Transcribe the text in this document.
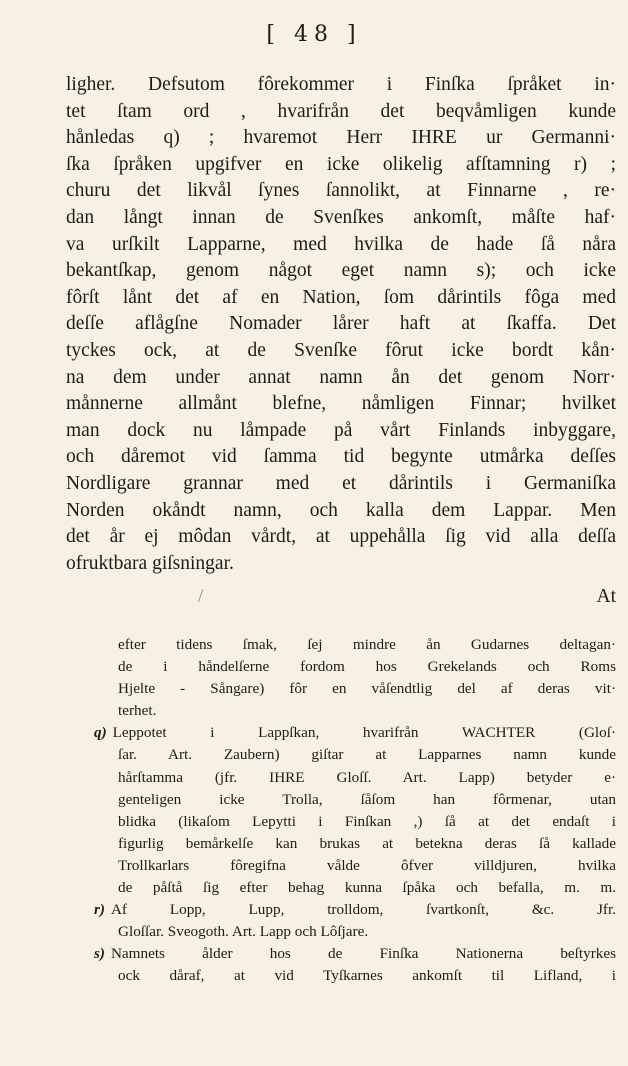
[ 48 ]
ligher. Defsutom fôrekommer i Finſka ſpråket in·
tet ſtam ord , hvarifrån det beqvåmligen kunde
hånledas q) ; hvaremot Herr IHRE ur Germanni·
ſka ſpråken upgifver en icke olikelig afſtamning r) ;
churu det likvål ſynes ſannolikt, at Finnarne , re·
dan långt innan de Svenſkes ankomſt, måſte haf·
va urſkilt Lapparne, med hvilka de hade ſå nåra
bekantſkap, genom något eget namn s); och icke
fôrſt lånt det af en Nation, ſom dårintils fôga med
deſſe aflågſne Nomader lårer haft at ſkaffa. Det
tyckes ock, at de Svenſke fôrut icke bordt kån·
na dem under annat namn ån det genom Norr·
månnerne allmånt blefne, nåmligen Finnar; hvilket
man dock nu låmpade på vårt Finlands inbyggare,
och dåremot vid ſamma tid begynte utmårka deſſes
Nordligare grannar med et dårintils i Germaniſka
Norden okåndt namn, och kalla dem Lappar. Men
det år ej môdan vårdt, at uppehålla ſig vid alla deſſa
ofruktbara giſsningar.
/	At
efter tidens ſmak, ſej mindre ån Gudarnes deltagan·
de i håndelſerne fordom hos Grekelands och Roms
Hjelte - Sångare) fôr en våſendtlig del af deras vit·
terhet.
q) Leppotet i Lappſkan, hvarifrån WACHTER (Gloſ·
ſar. Art. Zaubern) giſtar at Lapparnes namn kunde
hårſtamma (jfr. IHRE Gloſſ. Art. Lapp) betyder e·
genteligen icke Trolla, ſåſom han fôrmenar, utan
blidka (likaſom Lepytti i Finſkan ,) ſå at det endaſt i
figurlig bemårkelſe kan brukas at betekna deras ſå kallade
Trollkarlars fôregifna vålde ôfver villdjuren, hvilka
de påſtå ſig efter behag kunna ſpåka och befalla, m. m.
r) Af Lopp, Lupp, trolldom, ſvartkonſt, &c. Jfr.
Gloſſar. Sveogoth. Art. Lapp och Lôſjare.
s) Namnets ålder hos de Finſka Nationerna beſtyrkes
ock dåraf, at vid Tyſkarnes ankomſt til Lifland, i
